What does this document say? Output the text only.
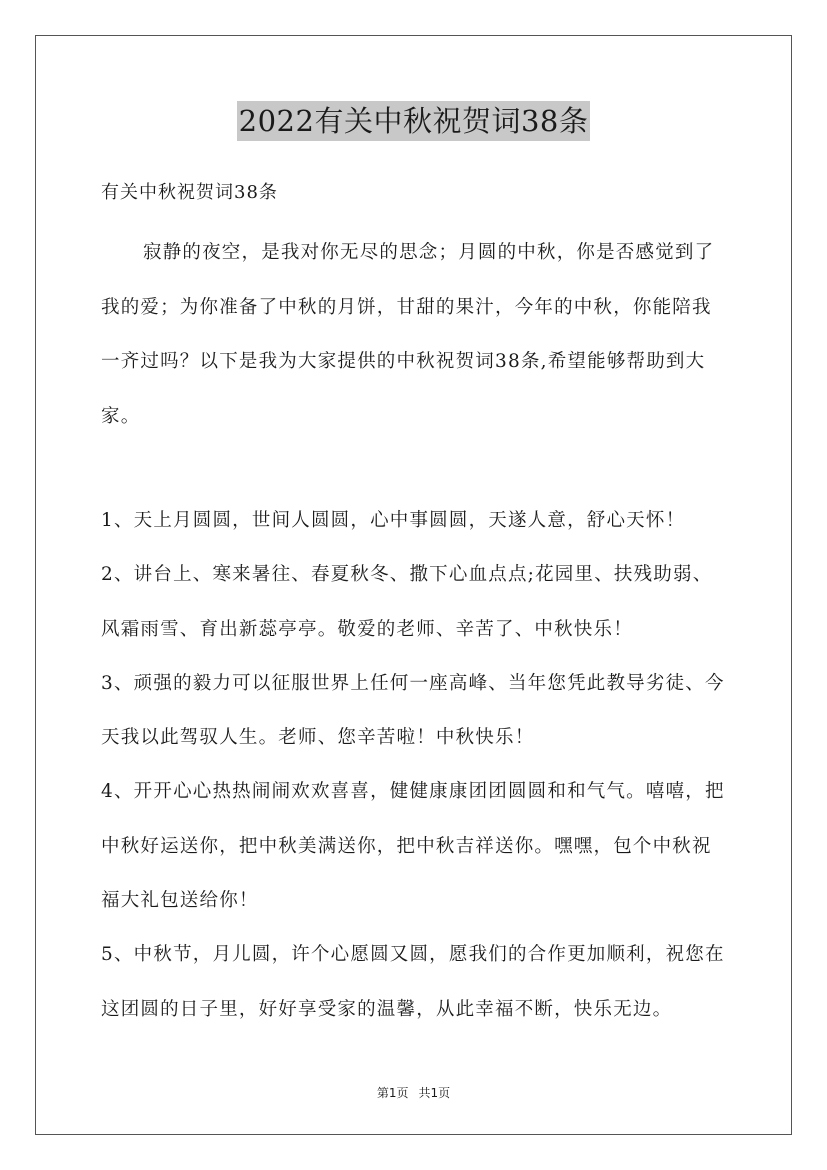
2022有关中秋祝贺词38条
有关中秋祝贺词38条

寂静的夜空，是我对你无尽的思念；月圆的中秋，你是否感觉到了我的爱；为你准备了中秋的月饼，甘甜的果汁，今年的中秋，你能陪我一齐过吗？以下是我为大家提供的中秋祝贺词38条,希望能够帮助到大家。

1、天上月圆圆，世间人圆圆，心中事圆圆，天遂人意，舒心天怀！

2、讲台上、寒来暑往、春夏秋冬、撒下心血点点;花园里、扶残助弱、风霜雨雪、育出新蕊亭亭。敬爱的老师、辛苦了、中秋快乐！

3、顽强的毅力可以征服世界上任何一座高峰、当年您凭此教导劣徒、今天我以此驾驭人生。老师、您辛苦啦！中秋快乐！

4、开开心心热热闹闹欢欢喜喜，健健康康团团圆圆和和气气。嘻嘻，把中秋好运送你，把中秋美满送你，把中秋吉祥送你。嘿嘿，包个中秋祝福大礼包送给你！

5、中秋节，月儿圆，许个心愿圆又圆，愿我们的合作更加顺利，祝您在这团圆的日子里，好好享受家的温馨，从此幸福不断，快乐无边。

第1页 共1页
